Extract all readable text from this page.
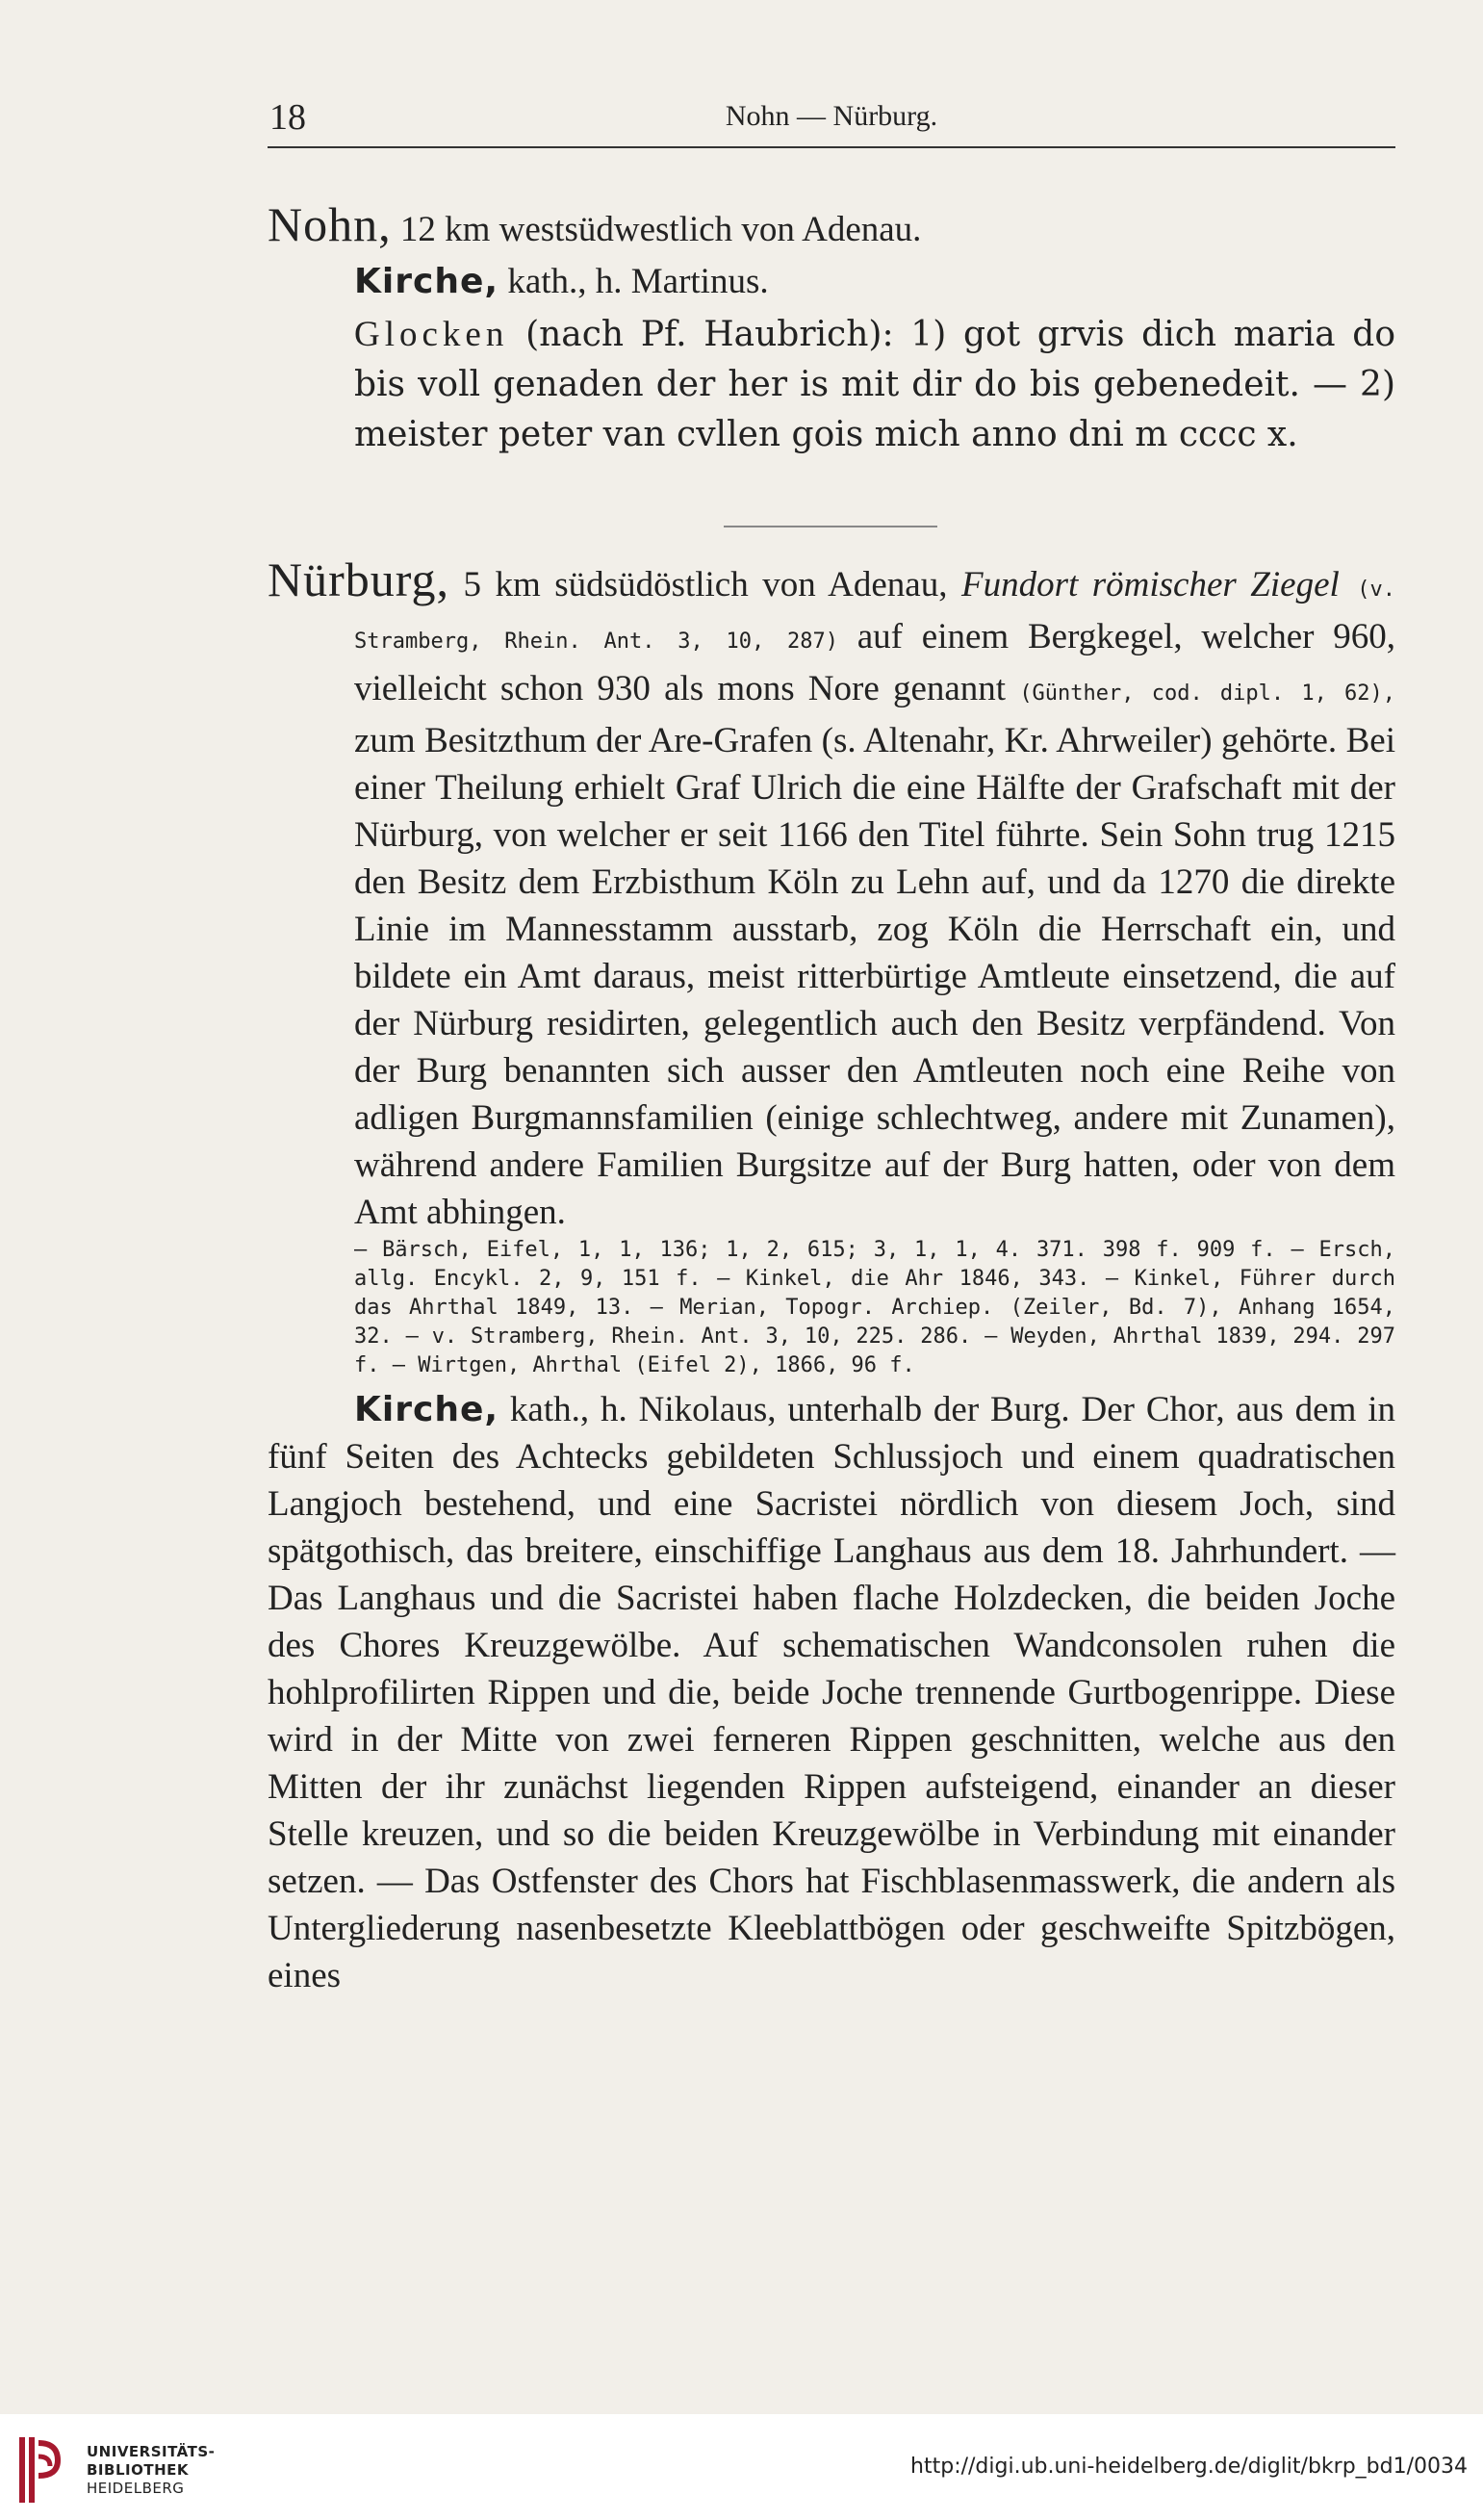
18	Nohn — Nürburg.
Nohn, 12 km westsüdwestlich von Adenau.
Kirche, kath., h. Martinus.
Glocken (nach Pf. Haubrich): 1) got grvis dich maria do bis voll genaden der her is mit dir do bis gebenedeit. — 2) meister peter van cvllen gois mich anno dni m cccc x.
Nürburg, 5 km südsüdöstlich von Adenau, Fundort römischer Ziegel (v. Stramberg, Rhein. Ant. 3, 10, 287) auf einem Bergkegel, welcher 960, vielleicht schon 930 als mons Nore genannt (Günther, cod. dipl. 1, 62), zum Besitzthum der Are-Grafen (s. Altenahr, Kr. Ahrweiler) gehörte. Bei einer Theilung erhielt Graf Ulrich die eine Hälfte der Grafschaft mit der Nürburg, von welcher er seit 1166 den Titel führte. Sein Sohn trug 1215 den Besitz dem Erzbisthum Köln zu Lehn auf, und da 1270 die direkte Linie im Mannesstamm ausstarb, zog Köln die Herrschaft ein, und bildete ein Amt daraus, meist ritterbürtige Amtleute einsetzend, die auf der Nürburg residirten, gelegentlich auch den Besitz verpfändend. Von der Burg benannten sich ausser den Amtleuten noch eine Reihe von adligen Burgmannsfamilien (einige schlechtweg, andere mit Zunamen), während andere Familien Burgsitze auf der Burg hatten, oder von dem Amt abhingen.
— Bärsch, Eifel, 1, 1, 136; 1, 2, 615; 3, 1, 1, 4. 371. 398 f. 909 f. — Ersch, allg. Encykl. 2, 9, 151 f. — Kinkel, die Ahr 1846, 343. — Kinkel, Führer durch das Ahrthal 1849, 13. — Merian, Topogr. Archiep. (Zeiler, Bd. 7), Anhang 1654, 32. — v. Stramberg, Rhein. Ant. 3, 10, 225. 286. — Weyden, Ahrthal 1839, 294. 297 f. — Wirtgen, Ahrthal (Eifel 2), 1866, 96 f.
Kirche, kath., h. Nikolaus, unterhalb der Burg. Der Chor, aus dem in fünf Seiten des Achtecks gebildeten Schlussjoch und einem quadratischen Langjoch bestehend, und eine Sacristei nördlich von diesem Joch, sind spätgothisch, das breitere, einschiffige Langhaus aus dem 18. Jahrhundert. — Das Langhaus und die Sacristei haben flache Holzdecken, die beiden Joche des Chores Kreuzgewölbe. Auf schematischen Wandconsolen ruhen die hohlprofilirten Rippen und die, beide Joche trennende Gurtbogenrippe. Diese wird in der Mitte von zwei ferneren Rippen geschnitten, welche aus den Mitten der ihr zunächst liegenden Rippen aufsteigend, einander an dieser Stelle kreuzen, und so die beiden Kreuzgewölbe in Verbindung mit einander setzen. — Das Ostfenster des Chors hat Fischblasenmasswerk, die andern als Untergliederung nasenbesetzte Kleeblattbögen oder geschweifte Spitzbögen, eines
UNIVERSITÄTS-
BIBLIOTHEK
HEIDELBERG
http://digi.ub.uni-heidelberg.de/diglit/bkrp_bd1/0034
